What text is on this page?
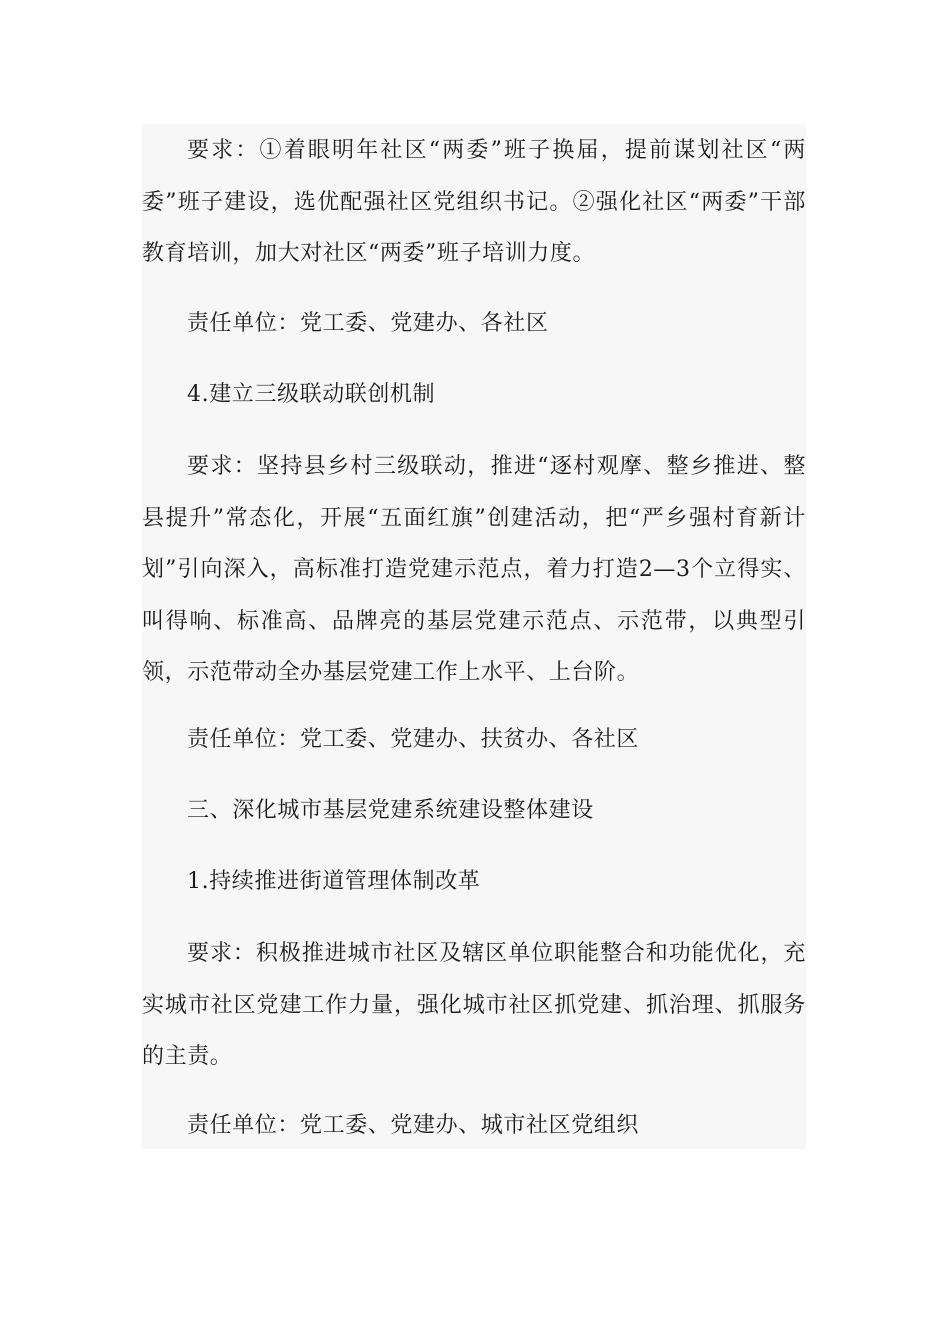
要求：①着眼明年社区“两委”班子换届，提前谋划社区“两委”班子建设，选优配强社区党组织书记。②强化社区“两委”干部教育培训，加大对社区“两委”班子培训力度。

责任单位：党工委、党建办、各社区

4.建立三级联动联创机制

要求：坚持县乡村三级联动，推进“逐村观摩、整乡推进、整县提升”常态化，开展“五面红旗”创建活动，把“严乡强村育新计划”引向深入，高标准打造党建示范点，着力打造2—3个立得实、叫得响、标准高、品牌亮的基层党建示范点、示范带，以典型引领，示范带动全办基层党建工作上水平、上台阶。

责任单位：党工委、党建办、扶贫办、各社区

三、深化城市基层党建系统建设整体建设

1.持续推进街道管理体制改革

要求：积极推进城市社区及辖区单位职能整合和功能优化，充实城市社区党建工作力量，强化城市社区抓党建、抓治理、抓服务的主责。

责任单位：党工委、党建办、城市社区党组织
